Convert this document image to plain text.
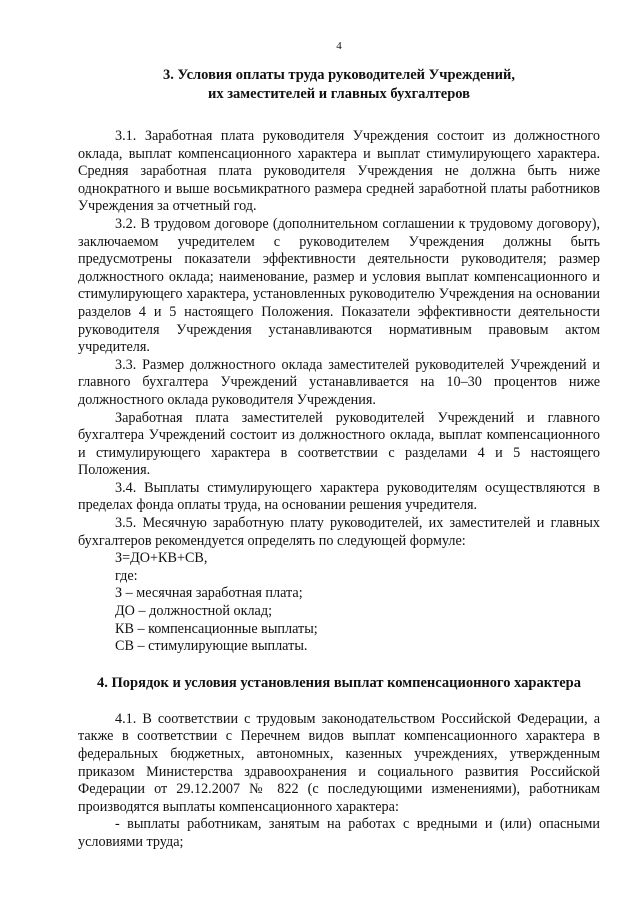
4
3. Условия оплаты труда руководителей Учреждений,
их заместителей и главных бухгалтеров

3.1. Заработная плата руководителя Учреждения состоит из должностного оклада, выплат компенсационного характера и выплат стимулирующего характера. Средняя заработная плата руководителя Учреждения не должна быть ниже однократного и выше восьмикратного размера средней заработной платы работников Учреждения за отчетный год.

3.2. В трудовом договоре (дополнительном соглашении к трудовому договору), заключаемом учредителем с руководителем Учреждения должны быть предусмотрены показатели эффективности деятельности руководителя; размер должностного оклада; наименование, размер и условия выплат компенсационного и стимулирующего характера, установленных руководителю Учреждения на основании разделов 4 и 5 настоящего Положения. Показатели эффективности деятельности руководителя Учреждения устанавливаются нормативным правовым актом учредителя.

3.3. Размер должностного оклада заместителей руководителей Учреждений и главного бухгалтера Учреждений устанавливается на 10–30 процентов ниже должностного оклада руководителя Учреждения.

Заработная плата заместителей руководителей Учреждений и главного бухгалтера Учреждений состоит из должностного оклада, выплат компенсационного и стимулирующего характера в соответствии с разделами 4 и 5 настоящего Положения.

3.4. Выплаты стимулирующего характера руководителям осуществляются в пределах фонда оплаты труда, на основании решения учредителя.

3.5. Месячную заработную плату руководителей, их заместителей и главных бухгалтеров рекомендуется определять по следующей формуле:

З=ДО+КВ+СВ,

где:

З – месячная заработная плата;

ДО – должностной оклад;

КВ – компенсационные выплаты;

СВ – стимулирующие выплаты.

4. Порядок и условия установления выплат компенсационного характера

4.1. В соответствии с трудовым законодательством Российской Федерации, а также в соответствии с Перечнем видов выплат компенсационного характера в федеральных бюджетных, автономных, казенных учреждениях, утвержденным приказом Министерства здравоохранения и социального развития Российской Федерации от 29.12.2007 № 822 (с последующими изменениями), работникам производятся выплаты компенсационного характера:

- выплаты работникам, занятым на работах с вредными и (или) опасными условиями труда;
